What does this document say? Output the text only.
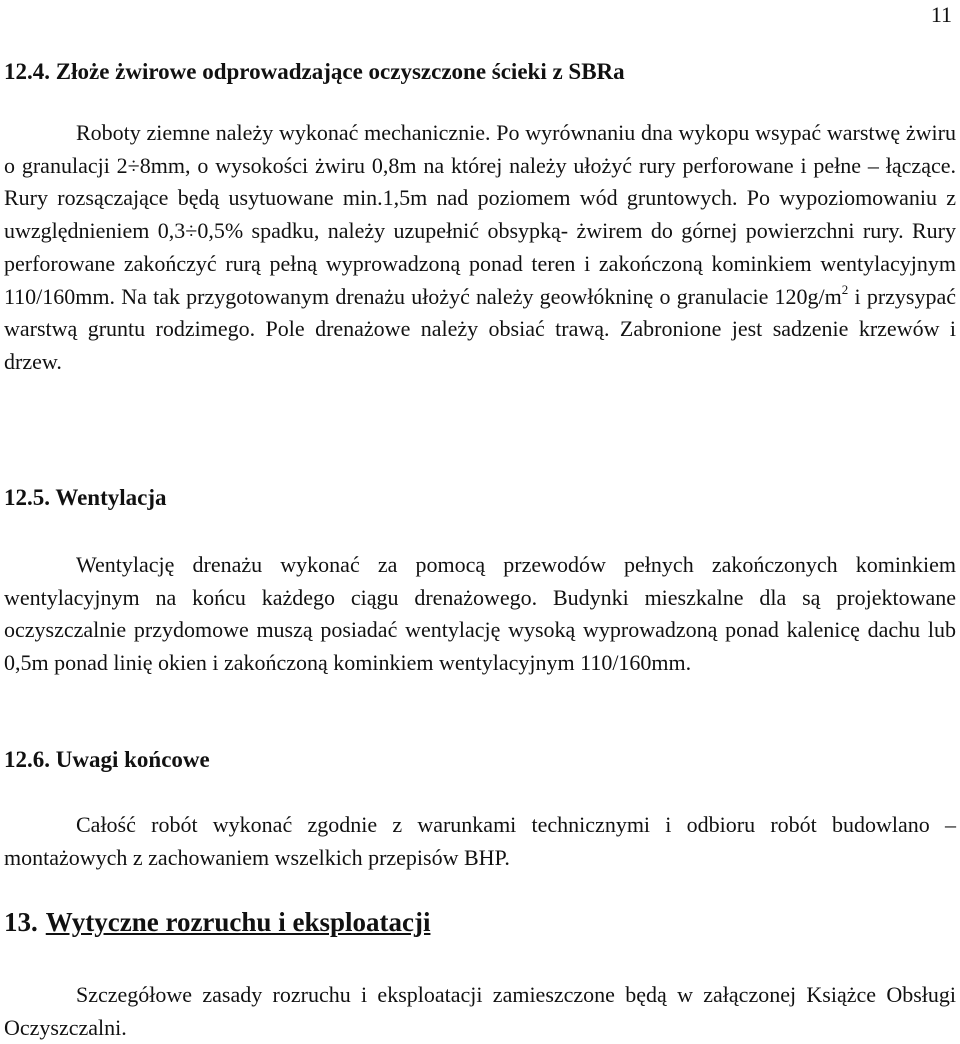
11
12.4. Złoże żwirowe odprowadzające oczyszczone ścieki z SBRa

Roboty ziemne należy wykonać mechanicznie. Po wyrównaniu dna wykopu wsypać warstwę żwiru o granulacji 2÷8mm, o wysokości żwiru 0,8m na której należy ułożyć rury perforowane i pełne – łączące. Rury rozsączające będą usytuowane min.1,5m nad poziomem wód gruntowych. Po wypoziomowaniu z uwzględnieniem 0,3÷0,5% spadku, należy uzupełnić obsypką- żwirem do górnej powierzchni rury. Rury perforowane zakończyć rurą pełną wyprowadzoną ponad teren i zakończoną kominkiem wentylacyjnym 110/160mm. Na tak przygotowanym drenażu ułożyć należy geowłókninę o granulacie $120g/m^2$ i przysypać warstwą gruntu rodzimego. Pole drenażowe należy obsiać trawą. Zabronione jest sadzenie krzewów i drzew.

12.5. Wentylacja

Wentylację drenażu wykonać za pomocą przewodów pełnych zakończonych kominkiem wentylacyjnym na końcu każdego ciągu drenażowego. Budynki mieszkalne dla są projektowane oczyszczalnie przydomowe muszą posiadać wentylację wysoką wyprowadzoną ponad kalenicę dachu lub 0,5m ponad linię okien i zakończoną kominkiem wentylacyjnym 110/160mm.

12.6. Uwagi końcowe

Całość robót wykonać zgodnie z warunkami technicznymi i odbioru robót budowlano – montażowych z zachowaniem wszelkich przepisów BHP.

13. Wytyczne rozruchu i eksploatacji

Szczegółowe zasady rozruchu i eksploatacji zamieszczone będą w załączonej Książce Obsługi Oczyszczalni.
